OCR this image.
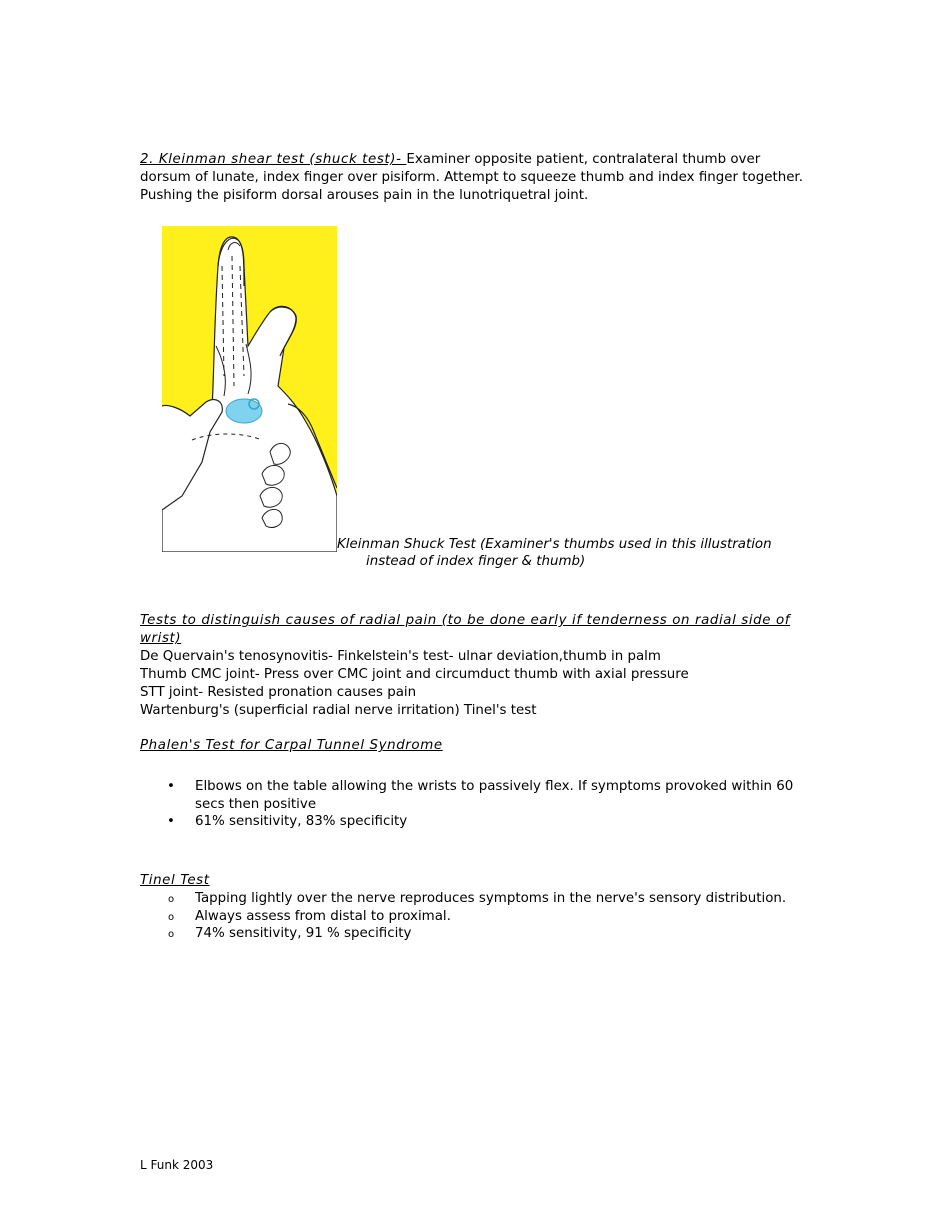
2. Kleinman shear test (shuck test)- Examiner opposite patient, contralateral thumb over
dorsum of lunate, index finger over pisiform. Attempt to squeeze thumb and index finger together.
Pushing the pisiform dorsal arouses pain in the lunotriquetral joint.
Kleinman Shuck Test (Examiner's thumbs used in this illustration
instead of index finger & thumb)
Tests to distinguish causes of radial pain (to be done early if tenderness on radial side of
wrist)
De Quervain's tenosynovitis- Finkelstein's test- ulnar deviation,thumb in palm
Thumb CMC joint- Press over CMC joint and circumduct thumb with axial pressure
STT joint- Resisted pronation causes pain
Wartenburg's (superficial radial nerve irritation) Tinel's test
Phalen's Test for Carpal Tunnel Syndrome
• Elbows on the table allowing the wrists to passively flex. If symptoms provoked within 60
secs then positive
• 61% sensitivity, 83% specificity
Tinel Test
o Tapping lightly over the nerve reproduces symptoms in the nerve's sensory distribution.
o Always assess from distal to proximal.
o 74% sensitivity, 91 % specificity
L Funk 2003
